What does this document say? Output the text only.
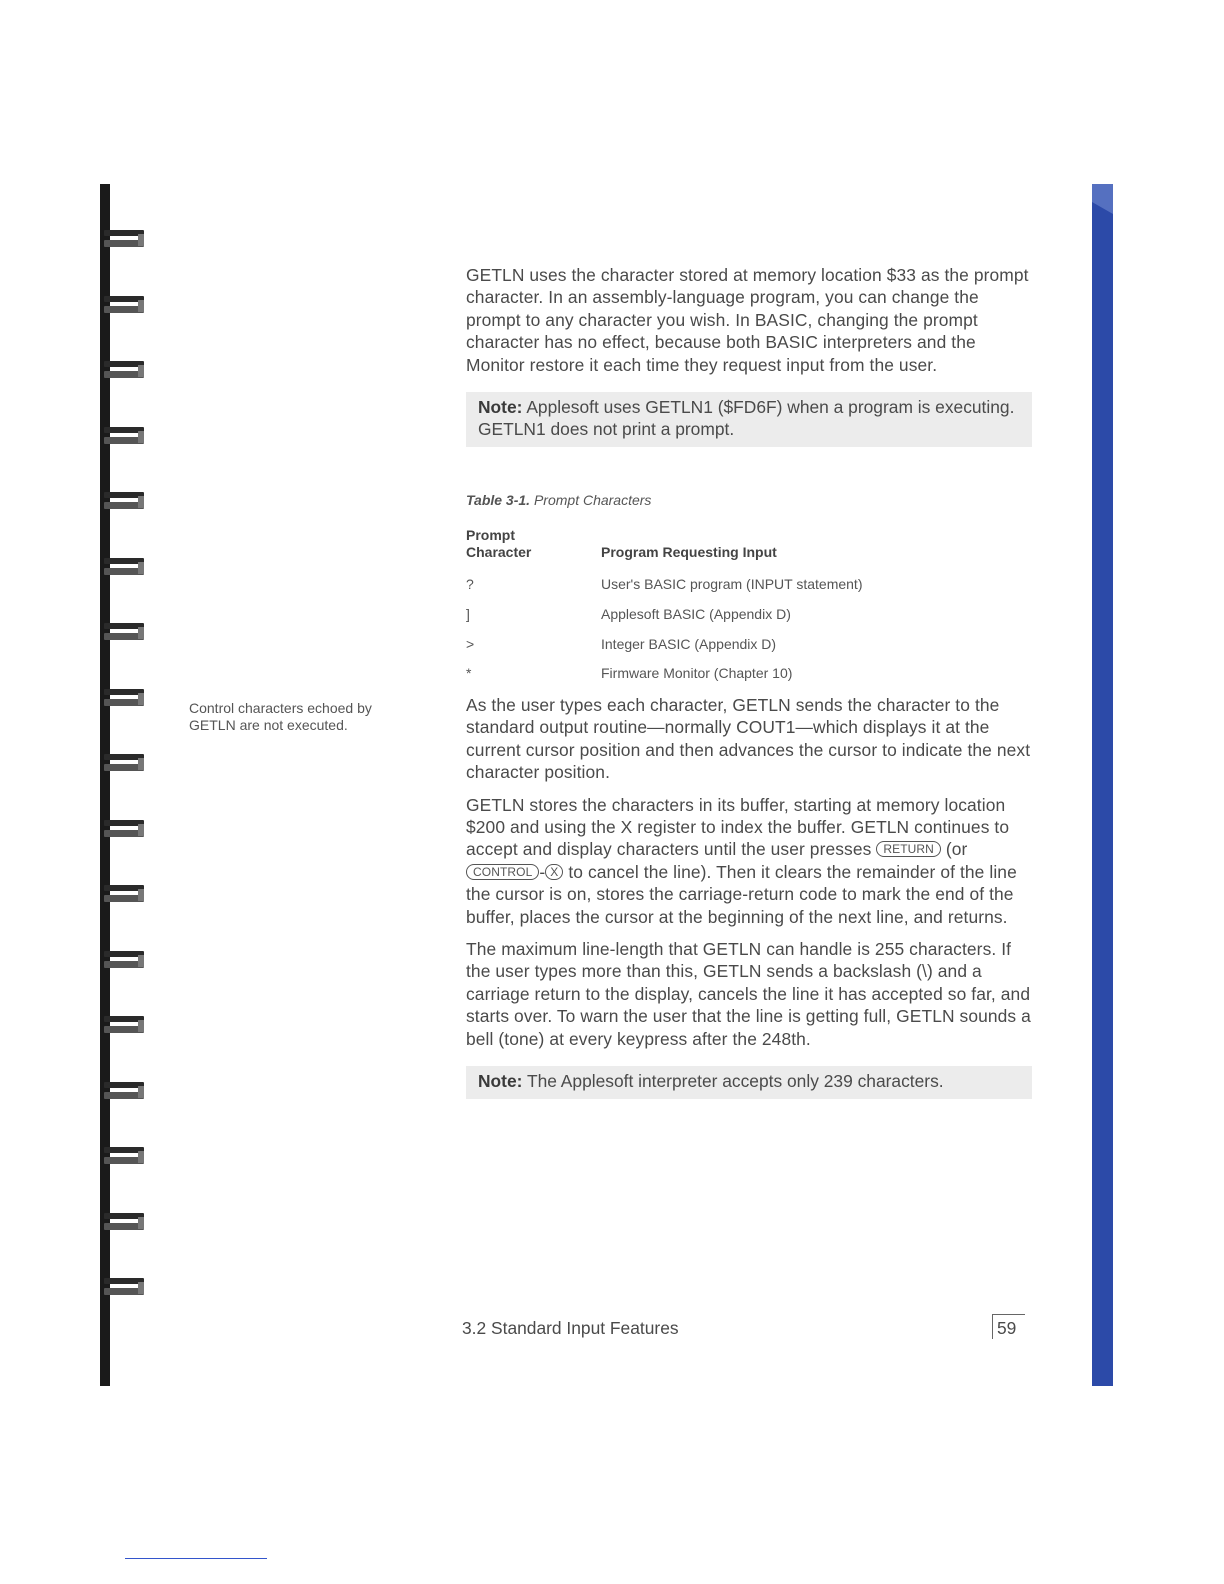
GETLN uses the character stored at memory location $33 as the prompt character. In an assembly-language program, you can change the prompt to any character you wish. In BASIC, changing the prompt character has no effect, because both BASIC interpreters and the Monitor restore it each time they request input from the user.

Note: Applesoft uses GETLN1 ($FD6F) when a program is executing. GETLN1 does not print a prompt.
Table 3-1. Prompt Characters
Prompt
Character	Program Requesting Input
?	User's BASIC program (INPUT statement)
]	Applesoft BASIC (Appendix D)
>	Integer BASIC (Appendix D)
*	Firmware Monitor (Chapter 10)
Control characters echoed by GETLN are not executed.

As the user types each character, GETLN sends the character to the standard output routine—normally COUT1—which displays it at the current cursor position and then advances the cursor to indicate the next character position.

GETLN stores the characters in its buffer, starting at memory location $200 and using the X register to index the buffer. GETLN continues to accept and display characters until the user presses RETURN (or CONTROL - X to cancel the line). Then it clears the remainder of the line the cursor is on, stores the carriage-return code to mark the end of the buffer, places the cursor at the beginning of the next line, and returns.

The maximum line-length that GETLN can handle is 255 characters. If the user types more than this, GETLN sends a backslash (\) and a carriage return to the display, cancels the line it has accepted so far, and starts over. To warn the user that the line is getting full, GETLN sounds a bell (tone) at every keypress after the 248th.

Note: The Applesoft interpreter accepts only 239 characters.
3.2 Standard Input Features	59
